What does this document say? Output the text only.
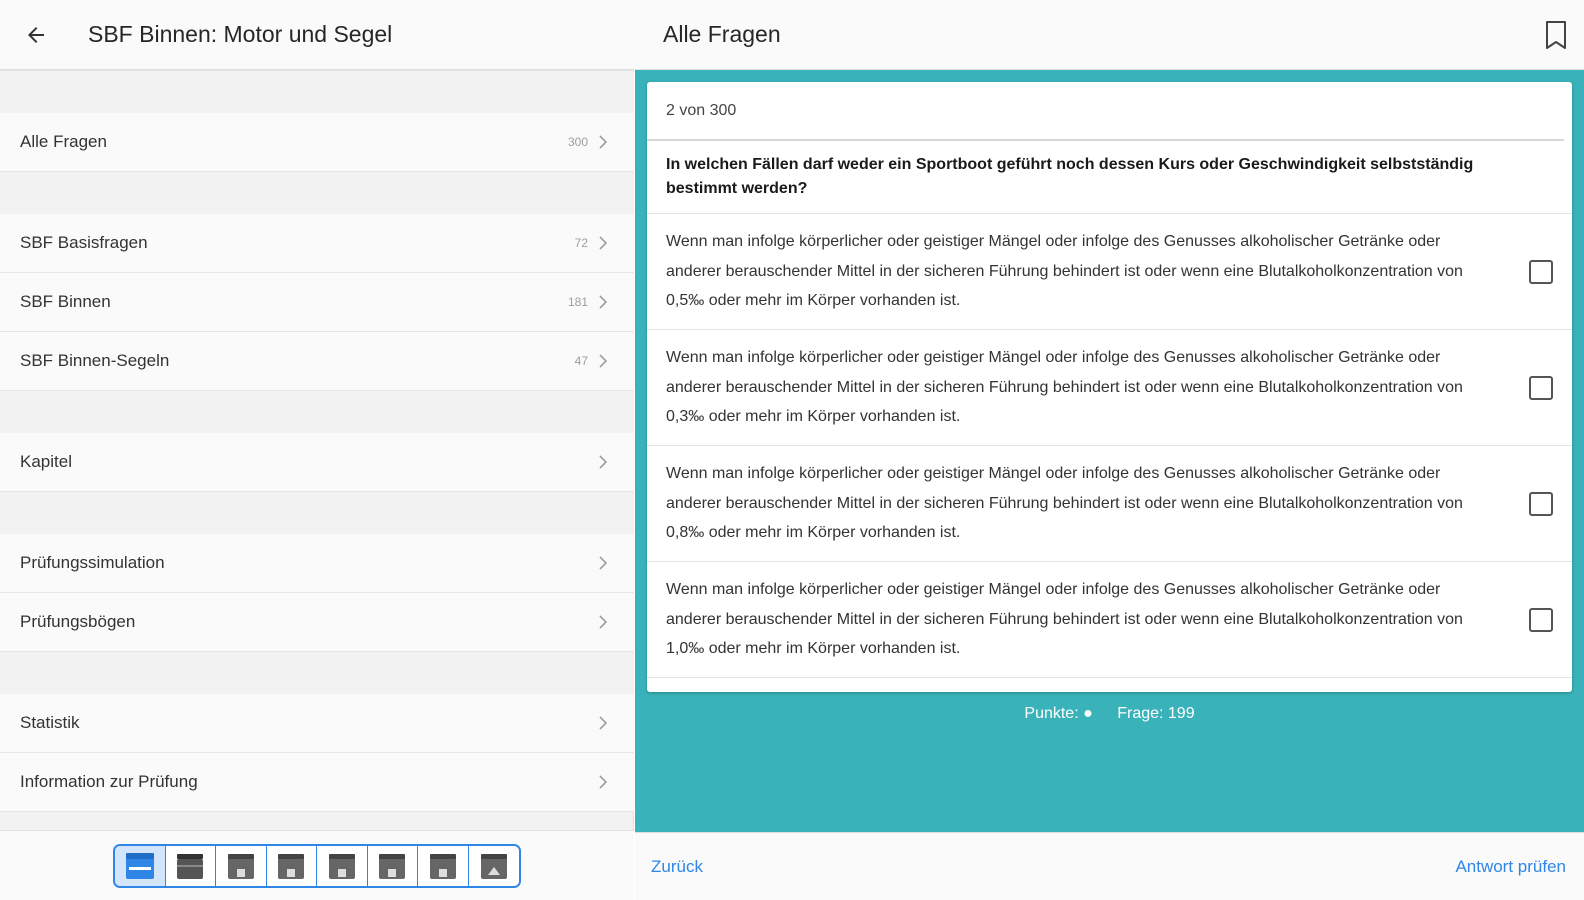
SBF Binnen: Motor und Segel
Alle Fragen	300
SBF Basisfragen	72
SBF Binnen	181
SBF Binnen-Segeln	47
Kapitel
Prüfungssimulation
Prüfungsbögen
Statistik
Information zur Prüfung
Alle Fragen
2 von 300
In welchen Fällen darf weder ein Sportboot geführt noch dessen Kurs oder Geschwindigkeit selbstständig bestimmt werden?
Wenn man infolge körperlicher oder geistiger Mängel oder infolge des Genusses alkoholischer Getränke oder anderer berauschender Mittel in der sicheren Führung behindert ist oder wenn eine Blutalkoholkonzentration von 0,5‰ oder mehr im Körper vorhanden ist.
Wenn man infolge körperlicher oder geistiger Mängel oder infolge des Genusses alkoholischer Getränke oder anderer berauschender Mittel in der sicheren Führung behindert ist oder wenn eine Blutalkoholkonzentration von 0,3‰ oder mehr im Körper vorhanden ist.
Wenn man infolge körperlicher oder geistiger Mängel oder infolge des Genusses alkoholischer Getränke oder anderer berauschender Mittel in der sicheren Führung behindert ist oder wenn eine Blutalkoholkonzentration von 0,8‰ oder mehr im Körper vorhanden ist.
Wenn man infolge körperlicher oder geistiger Mängel oder infolge des Genusses alkoholischer Getränke oder anderer berauschender Mittel in der sicheren Führung behindert ist oder wenn eine Blutalkoholkonzentration von 1,0‰ oder mehr im Körper vorhanden ist.
Punkte: ● Frage: 199
Zurück	Antwort prüfen
